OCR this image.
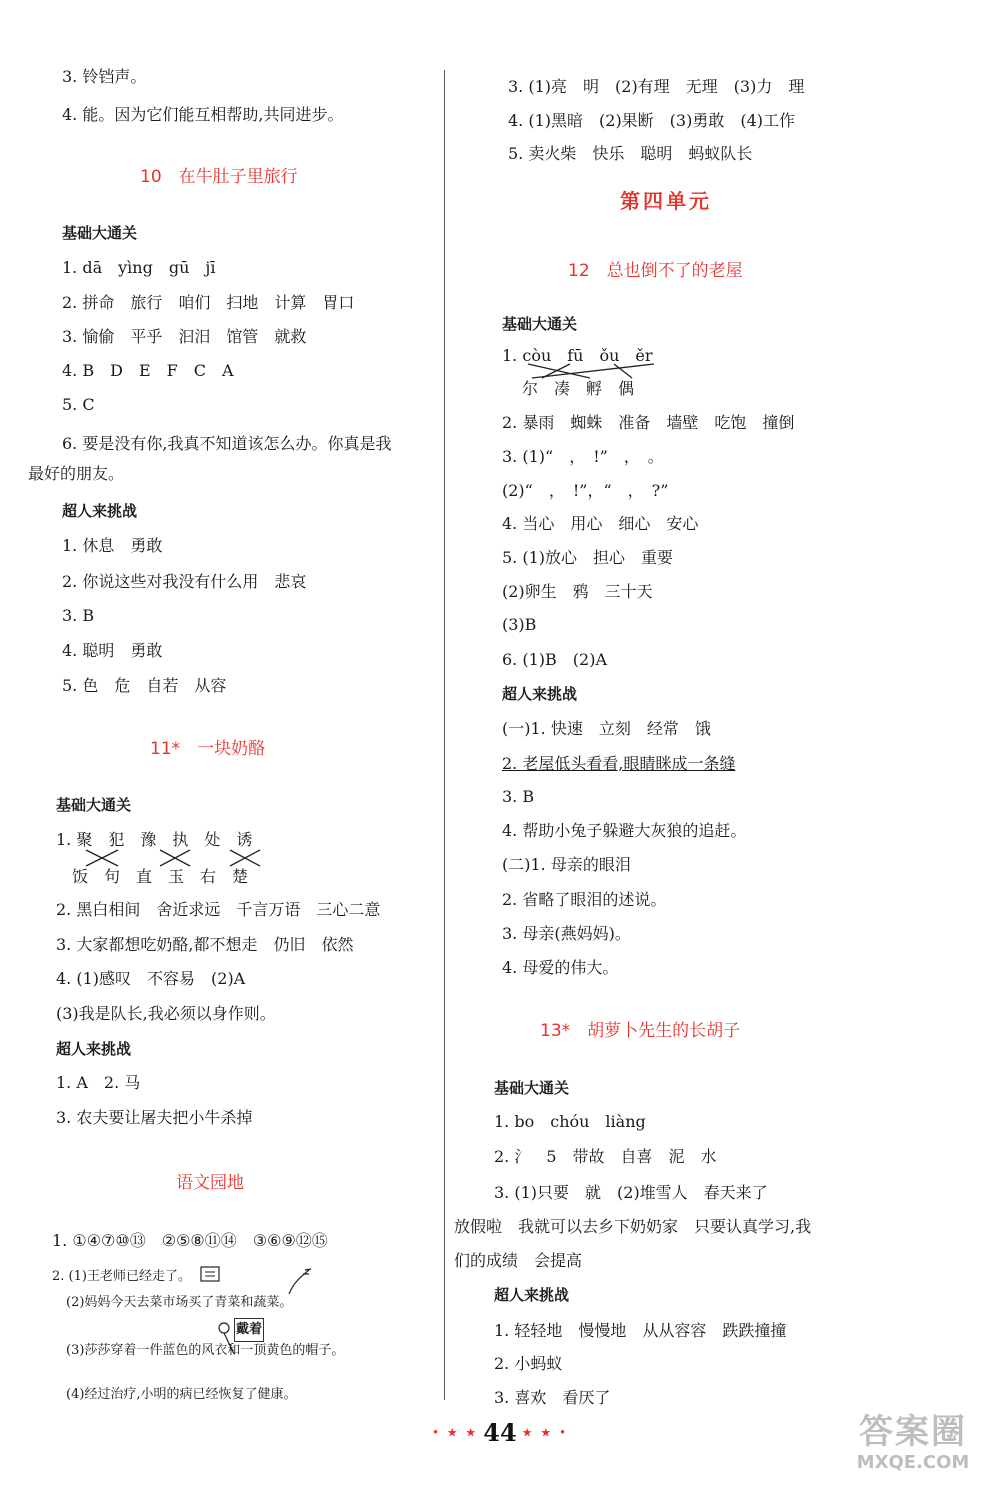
3. 铃铛声。
4. 能。因为它们能互相帮助,共同进步。
10　在牛肚子里旅行
基础大通关
1. dā　yìng　gū　jī
2. 拼命　旅行　咱们　扫地　计算　胃口
3. 愉偷　平乎　汩汨　馆管　就救
4. B　D　E　F　C　A
5. C
6. 要是没有你,我真不知道该怎么办。你真是我
最好的朋友。
超人来挑战
1. 休息　勇敢
2. 你说这些对我没有什么用　悲哀
3. B
4. 聪明　勇敢
5. 色　危　自若　从容
11*　一块奶酪
基础大通关
1. 聚　犯　豫　执　处　诱
饭　句　直　玉　右　楚
2. 黑白相间　舍近求远　千言万语　三心二意
3. 大家都想吃奶酪,都不想走　仍旧　依然
4. (1)感叹　不容易　(2)A
(3)我是队长,我必须以身作则。
超人来挑战
1. A　2. 马
3. 农夫要让屠夫把小牛杀掉
语文园地
1. ①④⑦⑩⑬　②⑤⑧⑪⑭　③⑥⑨⑫⑮
2. (1)王老师已经走了。
(2)妈妈今天去菜市场买了青菜和蔬菜。
戴着
(3)莎莎穿着一件蓝色的风衣和一顶黄色的帽子。
(4)经过治疗,小明的病已经恢复了健康。
3. (1)亮　明　(2)有理　无理　(3)力　理
4. (1)黑暗　(2)果断　(3)勇敢　(4)工作
5. 卖火柴　快乐　聪明　蚂蚁队长
第四单元
12　总也倒不了的老屋
基础大通关
1. còu　fū　ǒu　ěr
尔　凑　孵　偶
2. 暴雨　蜘蛛　准备　墙壁　吃饱　撞倒
3. (1)“　，　!”　，　。
(2)“　，　!”，“　，　?”
4. 当心　用心　细心　安心
5. (1)放心　担心　重要
(2)卵生　鸦　三十天
(3)B
6. (1)B　(2)A
超人来挑战
(一)1. 快速　立刻　经常　饿
2. 老屋低头看看,眼睛眯成一条缝
3. B
4. 帮助小兔子躲避大灰狼的追赶。
(二)1. 母亲的眼泪
2. 省略了眼泪的述说。
3. 母亲(燕妈妈)。
4. 母爱的伟大。
13*　胡萝卜先生的长胡子
基础大通关
1. bo　chóu　liàng
2. 氵　5　带故　自喜　泥　水
3. (1)只要　就　(2)堆雪人　春天来了
放假啦　我就可以去乡下奶奶家　只要认真学习,我
们的成绩　会提高
超人来挑战
1. 轻轻地　慢慢地　从从容容　跌跌撞撞
2. 小蚂蚁
3. 喜欢　看厌了
• ★ ★ 44 ★ ★ •	答案圈
MXQE.COM
